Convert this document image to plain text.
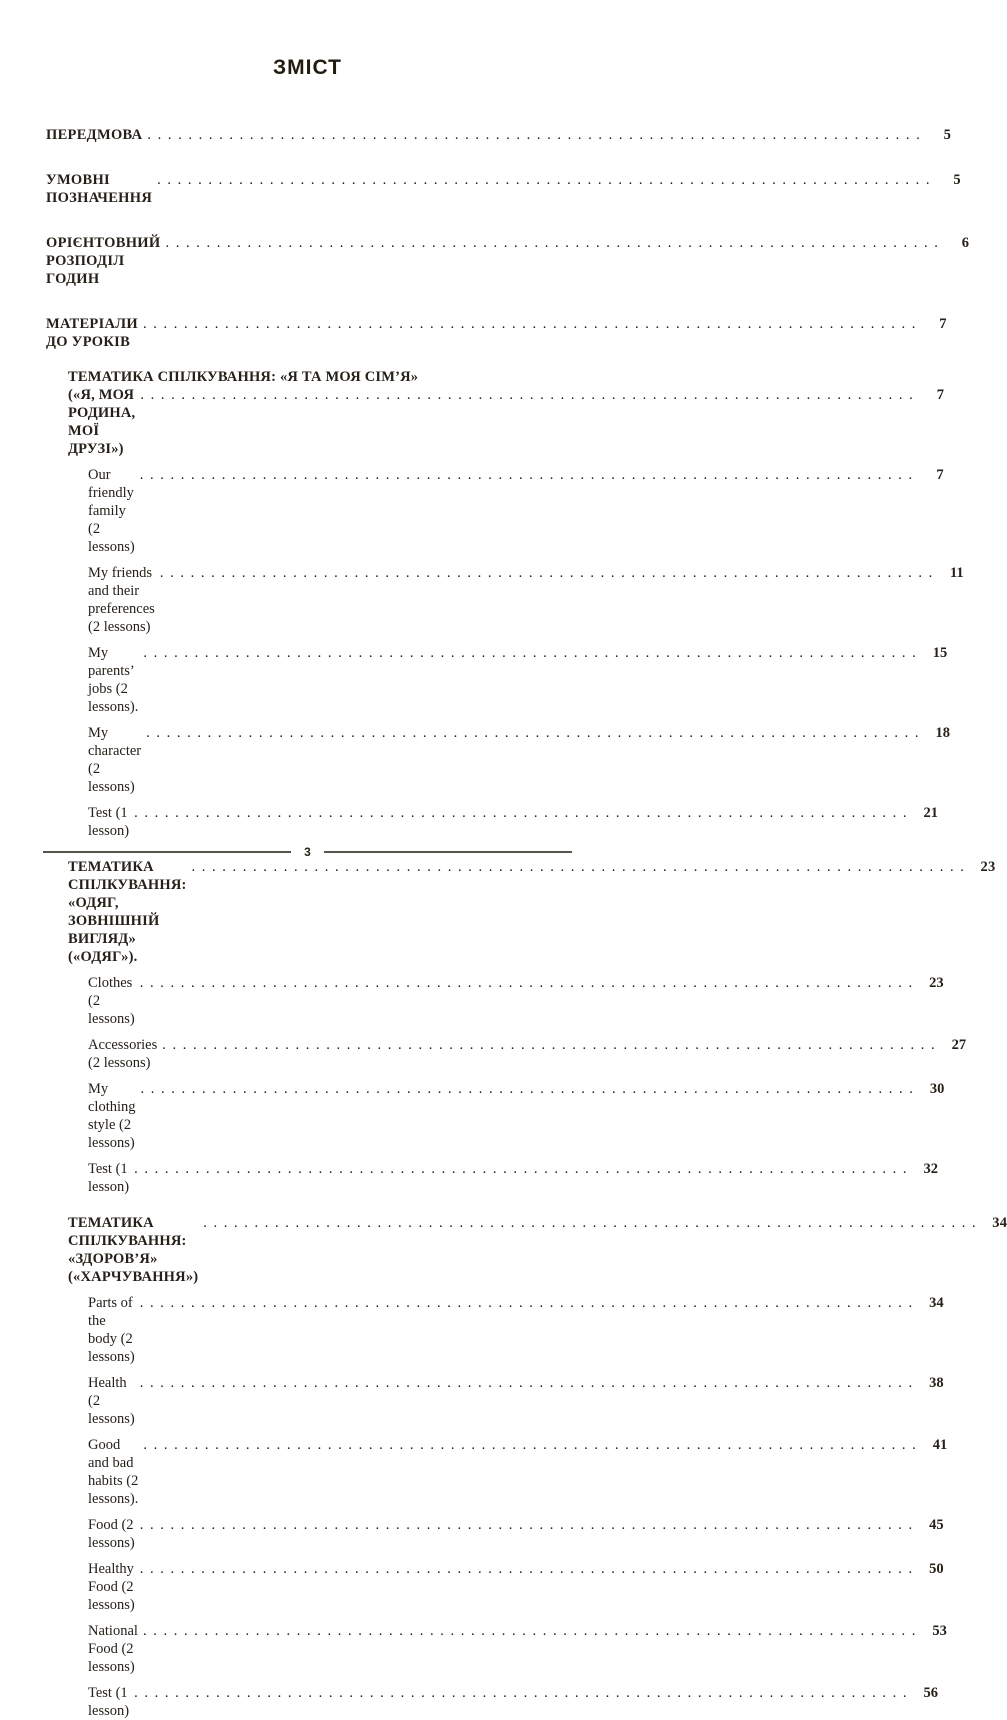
ЗМІСТ
ПЕРЕДМОВА . . .	5
УМОВНІ ПОЗНАЧЕННЯ
. . .
5
ОРІЄНТОВНИЙ РОЗПОДІЛ ГОДИН
. . .
6
МАТЕРІАЛИ ДО УРОКІВ
. . .
7
ТЕМАТИКА СПІЛКУВАННЯ: «Я ТА МОЯ СІМ’Я»
(«Я, МОЯ РОДИНА, МОЇ ДРУЗІ»)
. . .
7
Our friendly family (2 lessons)
. . .
7
My friends and their preferences (2 lessons)
. . .
11
My parents’ jobs (2 lessons).
. . .
15
My character (2 lessons)
. . .
18
Test (1 lesson)
. . .
21
ТЕМАТИКА СПІЛКУВАННЯ: «ОДЯГ, ЗОВНІШНІЙ ВИГЛЯД» («ОДЯГ»).
. . .
23
Clothes (2 lessons)
. . .
23
Accessories (2 lessons)
. . .
27
My clothing style (2 lessons)
. . .
30
Test (1 lesson)
. . .
32
ТЕМАТИКА СПІЛКУВАННЯ: «ЗДОРОВ’Я» («ХАРЧУВАННЯ»)
. . .
34
Parts of the body (2 lessons)
. . .
34
Health (2 lessons)
. . .
38
Good and bad habits (2 lessons).
. . .
41
Food (2 lessons)
. . .
45
Healthy Food (2 lessons)
. . .
50
National Food (2 lessons)
. . .
53
Test (1 lesson)
. . .
56
3
